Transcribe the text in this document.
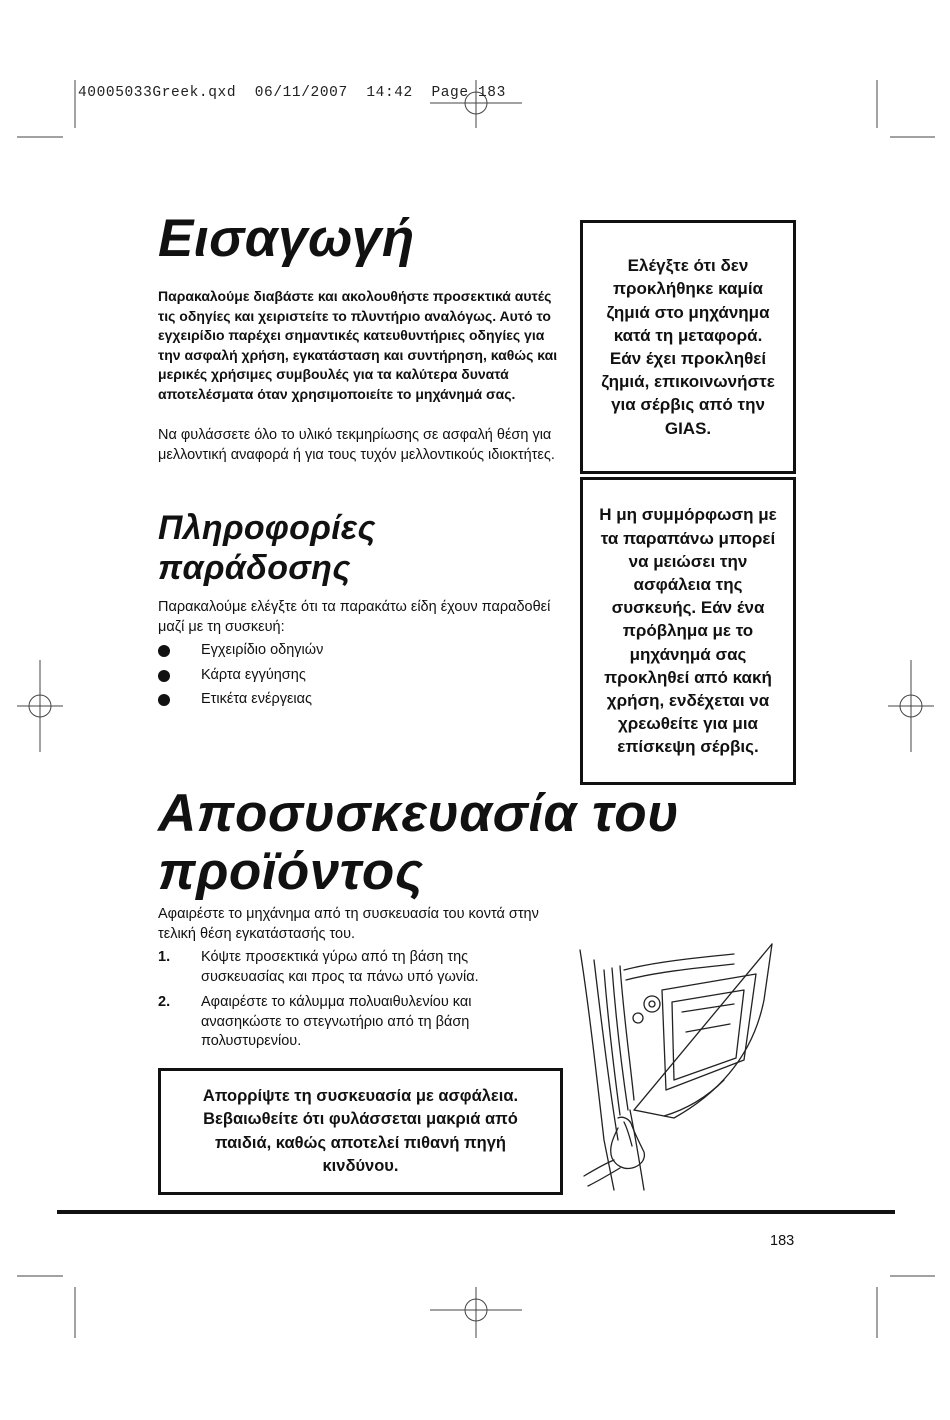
40005033Greek.qxd  06/11/2007  14:42  Page 183
Εισαγωγή

Παρακαλούμε διαβάστε και ακολουθήστε προσεκτικά αυτές τις οδηγίες και χειριστείτε το πλυντήριο αναλόγως. Αυτό το εγχειρίδιο παρέχει σημαντικές κατευθυντήριες οδηγίες για την ασφαλή χρήση, εγκατάσταση και συντήρηση, καθώς και μερικές χρήσιμες συμβουλές για τα καλύτερα δυνατά αποτελέσματα όταν χρησιμοποιείτε το μηχάνημά σας.

Να φυλάσσετε όλο το υλικό τεκμηρίωσης σε ασφαλή θέση για μελλοντική αναφορά ή για τους τυχόν μελλοντικούς ιδιοκτήτες.

Πληροφορίες
παράδοσης

Παρακαλούμε ελέγξτε ότι τα παρακάτω είδη έχουν παραδοθεί μαζί με τη συσκευή:

Εγχειρίδιο οδηγιών
Κάρτα εγγύησης
Ετικέτα ενέργειας

Ελέγξτε ότι δεν προκλήθηκε καμία ζημιά στο μηχάνημα κατά τη μεταφορά. Εάν έχει προκληθεί ζημιά, επικοινωνήστε για σέρβις από την GIAS.

Η μη συμμόρφωση με τα παραπάνω μπορεί να μειώσει την ασφάλεια της συσκευής. Εάν ένα πρόβλημα με το μηχάνημά σας προκληθεί από κακή χρήση, ενδέχεται να χρεωθείτε για μια επίσκεψη σέρβις.

Αποσυσκευασία του
προϊόντος

Αφαιρέστε το μηχάνημα από τη συσκευασία του κοντά στην τελική θέση εγκατάστασής του.

1. Κόψτε προσεκτικά γύρω από τη βάση της συσκευασίας και προς τα πάνω υπό γωνία.
2. Αφαιρέστε το κάλυμμα πολυαιθυλενίου και ανασηκώστε το στεγνωτήριο από τη βάση πολυστυρενίου.

Απορρίψτε τη συσκευασία με ασφάλεια. Βεβαιωθείτε ότι φυλάσσεται μακριά από παιδιά, καθώς αποτελεί πιθανή πηγή κινδύνου.

183
